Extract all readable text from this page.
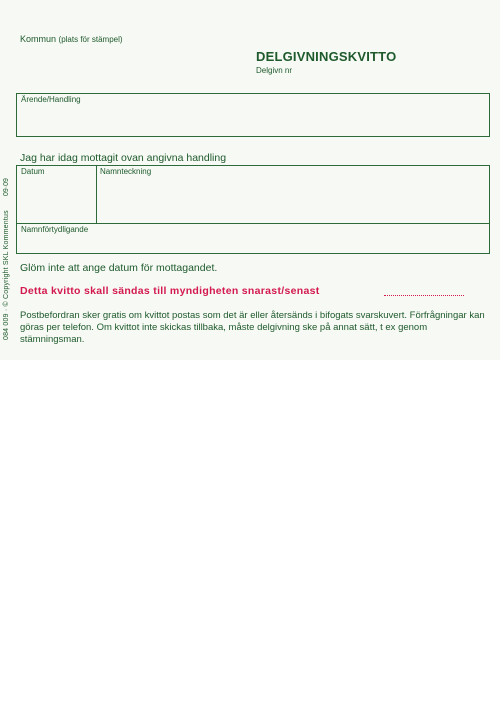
Kommun (plats för stämpel)
DELGIVNINGSKVITTO
Delgivn nr
Ärende/Handling
Jag har idag mottagit ovan angivna handling
Datum	Namnteckning
Namnförtydligande
Glöm inte att ange datum för mottagandet.
Detta kvitto skall sändas till myndigheten snarast/senast
Postbefordran sker gratis om kvittot postas som det är eller återsänds i bifogats svarskuvert. Förfrågningar kan göras per telefon. Om kvittot inte skickas tillbaka, måste delgivning ske på annat sätt, t ex genom stämningsman.
084 009 · © Copyright SKL Kommentus
09·09
